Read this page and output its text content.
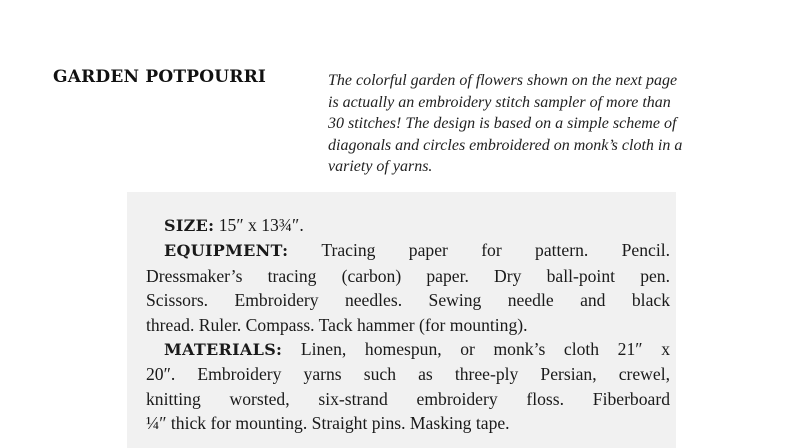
GARDEN POTPOURRI	The colorful garden of flowers shown on the next page
is actually an embroidery stitch sampler of more than
30 stitches! The design is based on a simple scheme of
diagonals and circles embroidered on monk’s cloth in a
variety of yarns.

SIZE: 15″ x 13¾″.
EQUIPMENT: Tracing paper for pattern. Pencil.
Dressmaker’s tracing (carbon) paper. Dry ball-point pen.
Scissors. Embroidery needles. Sewing needle and black
thread. Ruler. Compass. Tack hammer (for mounting).
MATERIALS: Linen, homespun, or monk’s cloth 21″ x
20″. Embroidery yarns such as three-ply Persian, crewel,
knitting worsted, six-strand embroidery floss. Fiberboard
¼″ thick for mounting. Straight pins. Masking tape.
